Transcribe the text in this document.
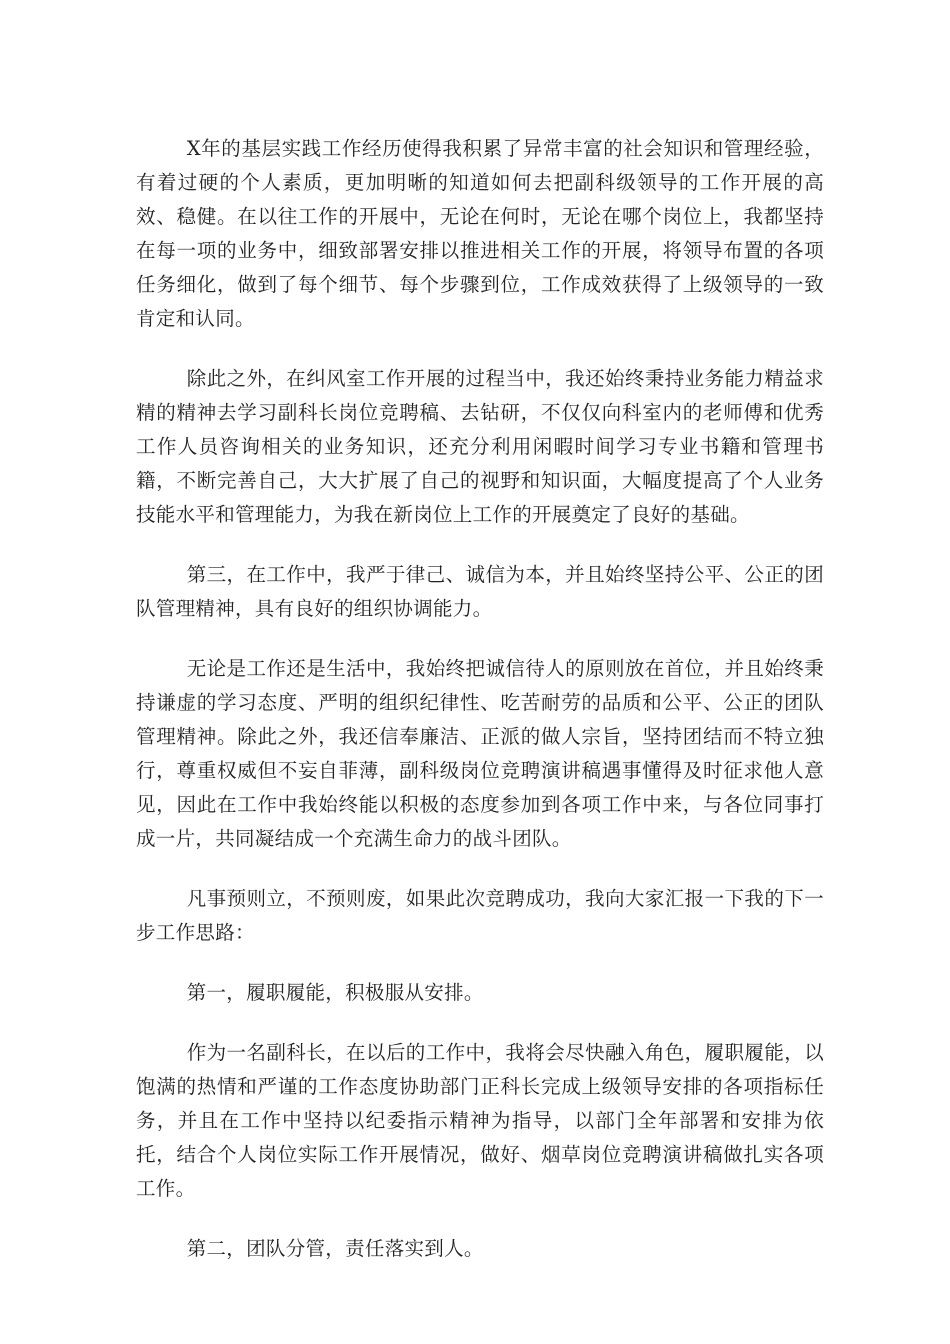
X年的基层实践工作经历使得我积累了异常丰富的社会知识和管理经验，有着过硬的个人素质，更加明晰的知道如何去把副科级领导的工作开展的高效、稳健。在以往工作的开展中，无论在何时，无论在哪个岗位上，我都坚持在每一项的业务中，细致部署安排以推进相关工作的开展，将领导布置的各项任务细化，做到了每个细节、每个步骤到位，工作成效获得了上级领导的一致肯定和认同。

除此之外，在纠风室工作开展的过程当中，我还始终秉持业务能力精益求精的精神去学习副科长岗位竞聘稿、去钻研，不仅仅向科室内的老师傅和优秀工作人员咨询相关的业务知识，还充分利用闲暇时间学习专业书籍和管理书籍，不断完善自己，大大扩展了自己的视野和知识面，大幅度提高了个人业务技能水平和管理能力，为我在新岗位上工作的开展奠定了良好的基础。

第三，在工作中，我严于律己、诚信为本，并且始终坚持公平、公正的团队管理精神，具有良好的组织协调能力。

无论是工作还是生活中，我始终把诚信待人的原则放在首位，并且始终秉持谦虚的学习态度、严明的组织纪律性、吃苦耐劳的品质和公平、公正的团队管理精神。除此之外，我还信奉廉洁、正派的做人宗旨，坚持团结而不特立独行，尊重权威但不妄自菲薄，副科级岗位竞聘演讲稿遇事懂得及时征求他人意见，因此在工作中我始终能以积极的态度参加到各项工作中来，与各位同事打成一片，共同凝结成一个充满生命力的战斗团队。

凡事预则立，不预则废，如果此次竞聘成功，我向大家汇报一下我的下一步工作思路：

第一，履职履能，积极服从安排。

作为一名副科长，在以后的工作中，我将会尽快融入角色，履职履能，以饱满的热情和严谨的工作态度协助部门正科长完成上级领导安排的各项指标任务，并且在工作中坚持以纪委指示精神为指导，以部门全年部署和安排为依托，结合个人岗位实际工作开展情况，做好、烟草岗位竞聘演讲稿做扎实各项工作。

第二，团队分管，责任落实到人。
